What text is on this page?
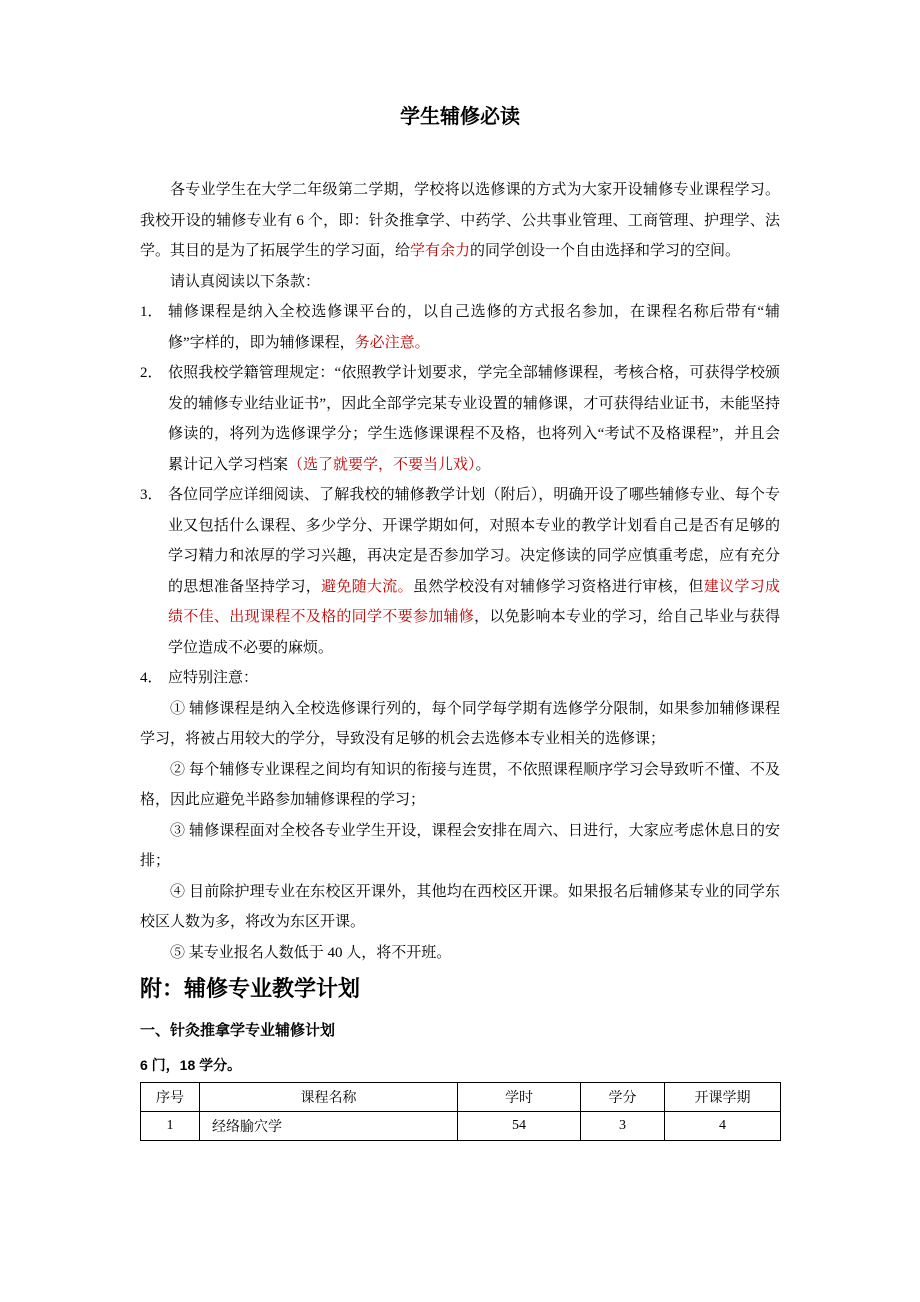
学生辅修必读

各专业学生在大学二年级第二学期，学校将以选修课的方式为大家开设辅修专业课程学习。我校开设的辅修专业有 6 个，即：针灸推拿学、中药学、公共事业管理、工商管理、护理学、法学。其目的是为了拓展学生的学习面，给学有余力的同学创设一个自由选择和学习的空间。

请认真阅读以下条款：

1． 辅修课程是纳入全校选修课平台的，以自己选修的方式报名参加，在课程名称后带有“辅修”字样的，即为辅修课程，务必注意。
2． 依照我校学籍管理规定：“依照教学计划要求，学完全部辅修课程，考核合格，可获得学校颁发的辅修专业结业证书”，因此全部学完某专业设置的辅修课，才可获得结业证书，未能坚持修读的，将列为选修课学分；学生选修课课程不及格，也将列入“考试不及格课程”，并且会累计记入学习档案（选了就要学，不要当儿戏）。
3． 各位同学应详细阅读、了解我校的辅修教学计划（附后），明确开设了哪些辅修专业、每个专业又包括什么课程、多少学分、开课学期如何，对照本专业的教学计划看自己是否有足够的学习精力和浓厚的学习兴趣，再决定是否参加学习。决定修读的同学应慎重考虑，应有充分的思想准备坚持学习，避免随大流。虽然学校没有对辅修学习资格进行审核，但建议学习成绩不佳、出现课程不及格的同学不要参加辅修，以免影响本专业的学习，给自己毕业与获得学位造成不必要的麻烦。
4． 应特别注意：

① 辅修课程是纳入全校选修课行列的，每个同学每学期有选修学分限制，如果参加辅修课程学习，将被占用较大的学分，导致没有足够的机会去选修本专业相关的选修课；

② 每个辅修专业课程之间均有知识的衔接与连贯，不依照课程顺序学习会导致听不懂、不及格，因此应避免半路参加辅修课程的学习；

③ 辅修课程面对全校各专业学生开设，课程会安排在周六、日进行，大家应考虑休息日的安排；

④ 目前除护理专业在东校区开课外，其他均在西校区开课。如果报名后辅修某专业的同学东校区人数为多，将改为东区开课。

⑤ 某专业报名人数低于 40 人，将不开班。

附：辅修专业教学计划
一、针灸推拿学专业辅修计划

6 门，18 学分。

序号	课程名称	学时	学分	开课学期
1	经络腧穴学	54	3	4
